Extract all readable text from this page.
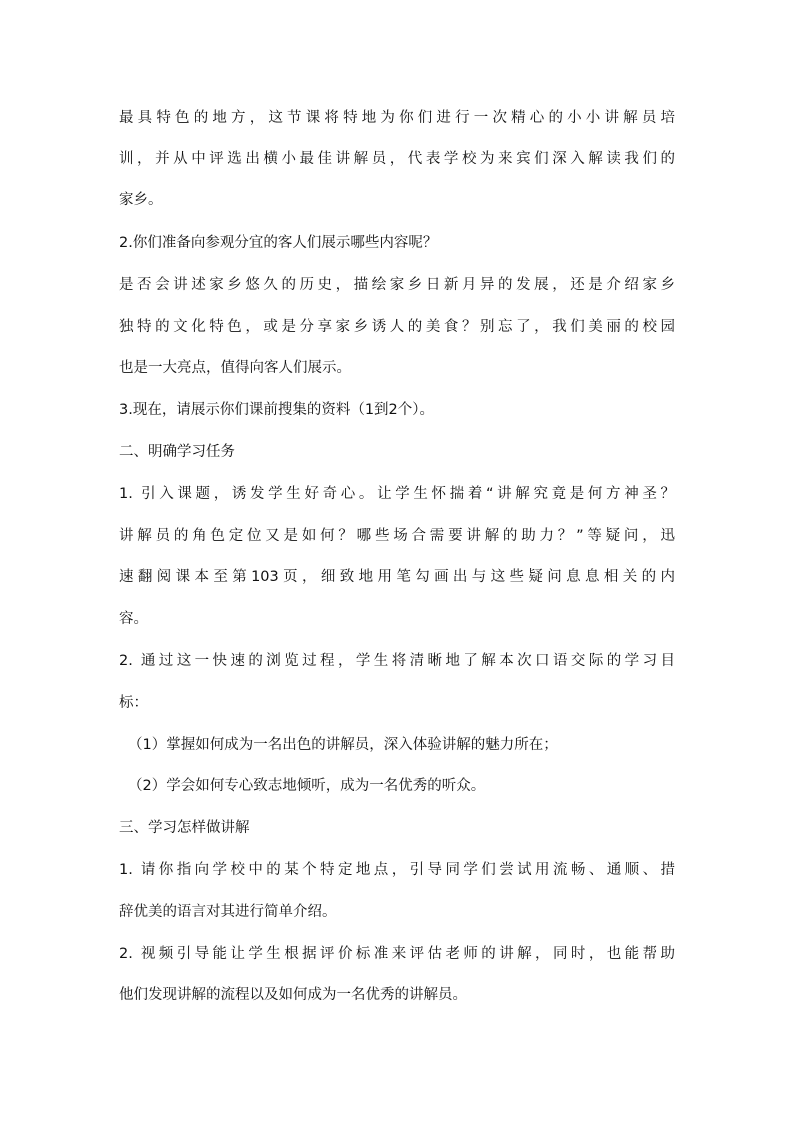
最具特色的地方，这节课将特地为你们进行一次精心的小小讲解员培
训，并从中评选出横小最佳讲解员，代表学校为来宾们深入解读我们的
家乡。
2.你们准备向参观分宜的客人们展示哪些内容呢？
是否会讲述家乡悠久的历史，描绘家乡日新月异的发展，还是介绍家乡
独特的文化特色，或是分享家乡诱人的美食？别忘了，我们美丽的校园
也是一大亮点，值得向客人们展示。
3.现在，请展示你们课前搜集的资料（1到2个）。
二、明确学习任务
1. 引入课题，诱发学生好奇心。让学生怀揣着“讲解究竟是何方神圣？
讲解员的角色定位又是如何？哪些场合需要讲解的助力？”等疑问，迅
速翻阅课本至第103页，细致地用笔勾画出与这些疑问息息相关的内
容。
2. 通过这一快速的浏览过程，学生将清晰地了解本次口语交际的学习目
标：
（1）掌握如何成为一名出色的讲解员，深入体验讲解的魅力所在；
（2）学会如何专心致志地倾听，成为一名优秀的听众。
三、学习怎样做讲解
1. 请你指向学校中的某个特定地点，引导同学们尝试用流畅、通顺、措
辞优美的语言对其进行简单介绍。
2. 视频引导能让学生根据评价标准来评估老师的讲解，同时，也能帮助
他们发现讲解的流程以及如何成为一名优秀的讲解员。
